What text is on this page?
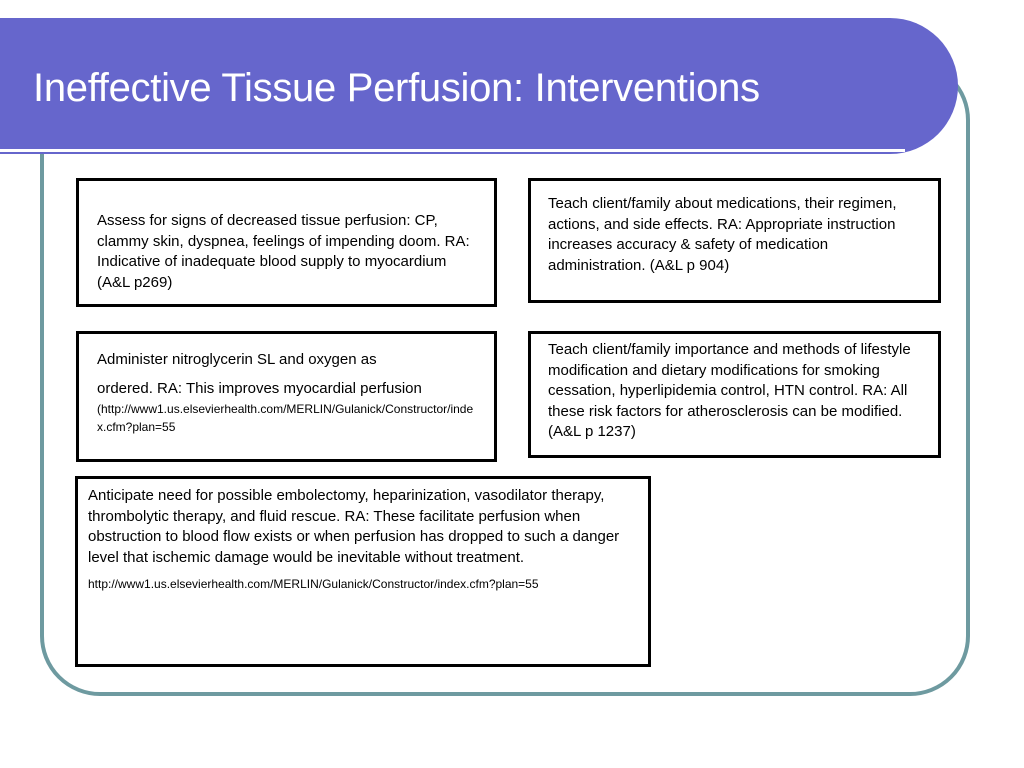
Ineffective Tissue Perfusion: Interventions

Assess for signs of decreased tissue perfusion: CP, clammy skin, dyspnea, feelings of impending doom. RA: Indicative of inadequate blood supply to myocardium (A&L p269)

Teach client/family about medications, their regimen, actions, and side effects. RA: Appropriate instruction increases accuracy & safety of medication administration. (A&L p 904)

Administer nitroglycerin SL and oxygen as

ordered. RA: This improves myocardial perfusion

(http://www1.us.elsevierhealth.com/MERLIN/Gulanick/Constructor/index.cfm?plan=55

Teach client/family importance and methods of lifestyle modification and dietary modifications for smoking cessation, hyperlipidemia control, HTN control. RA: All these risk factors for atherosclerosis can be modified. (A&L p 1237)

Anticipate need for possible embolectomy, heparinization, vasodilator therapy, thrombolytic therapy, and fluid rescue. RA: These facilitate perfusion when obstruction to blood flow exists or when perfusion has dropped to such a danger level that ischemic damage would be inevitable without treatment.

http://www1.us.elsevierhealth.com/MERLIN/Gulanick/Constructor/index.cfm?plan=55
